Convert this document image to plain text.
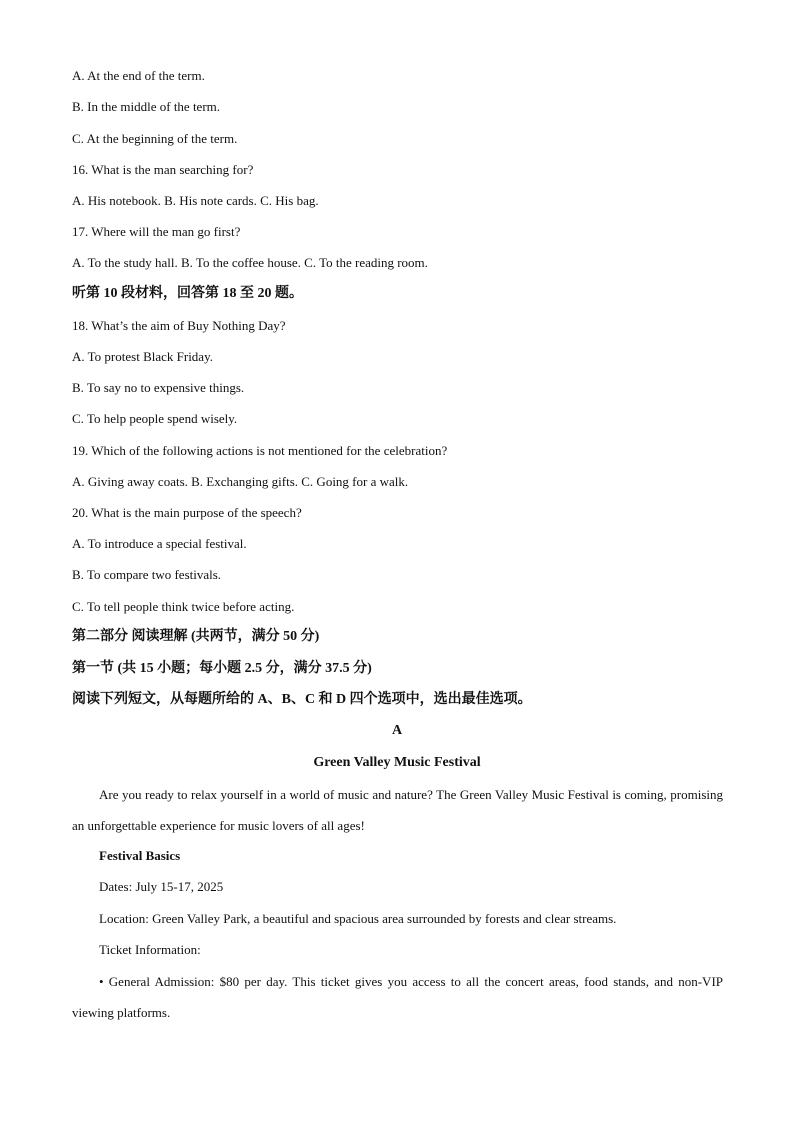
A. At the end of the term.
B. In the middle of the term.
C. At the beginning of the term.
16. What is the man searching for?
A. His notebook. B. His note cards. C. His bag.
17. Where will the man go first?
A. To the study hall. B. To the coffee house. C. To the reading room.
听第 10 段材料，回答第 18 至 20 题。
18. What’s the aim of Buy Nothing Day?
A. To protest Black Friday.
B. To say no to expensive things.
C. To help people spend wisely.
19. Which of the following actions is not mentioned for the celebration?
A. Giving away coats. B. Exchanging gifts. C. Going for a walk.
20. What is the main purpose of the speech?
A. To introduce a special festival.
B. To compare two festivals.
C. To tell people think twice before acting.
第二部分 阅读理解 (共两节，满分 50 分)
第一节 (共 15 小题；每小题 2.5 分，满分 37.5 分)
阅读下列短文，从每题所给的 A、B、C 和 D 四个选项中，选出最佳选项。
A
Green Valley Music Festival
Are you ready to relax yourself in a world of music and nature? The Green Valley Music Festival is coming, promising an unforgettable experience for music lovers of all ages!
Festival Basics
Dates: July 15-17, 2025
Location: Green Valley Park, a beautiful and spacious area surrounded by forests and clear streams.
Ticket Information:
• General Admission: $80 per day. This ticket gives you access to all the concert areas, food stands, and non-VIP viewing platforms.
